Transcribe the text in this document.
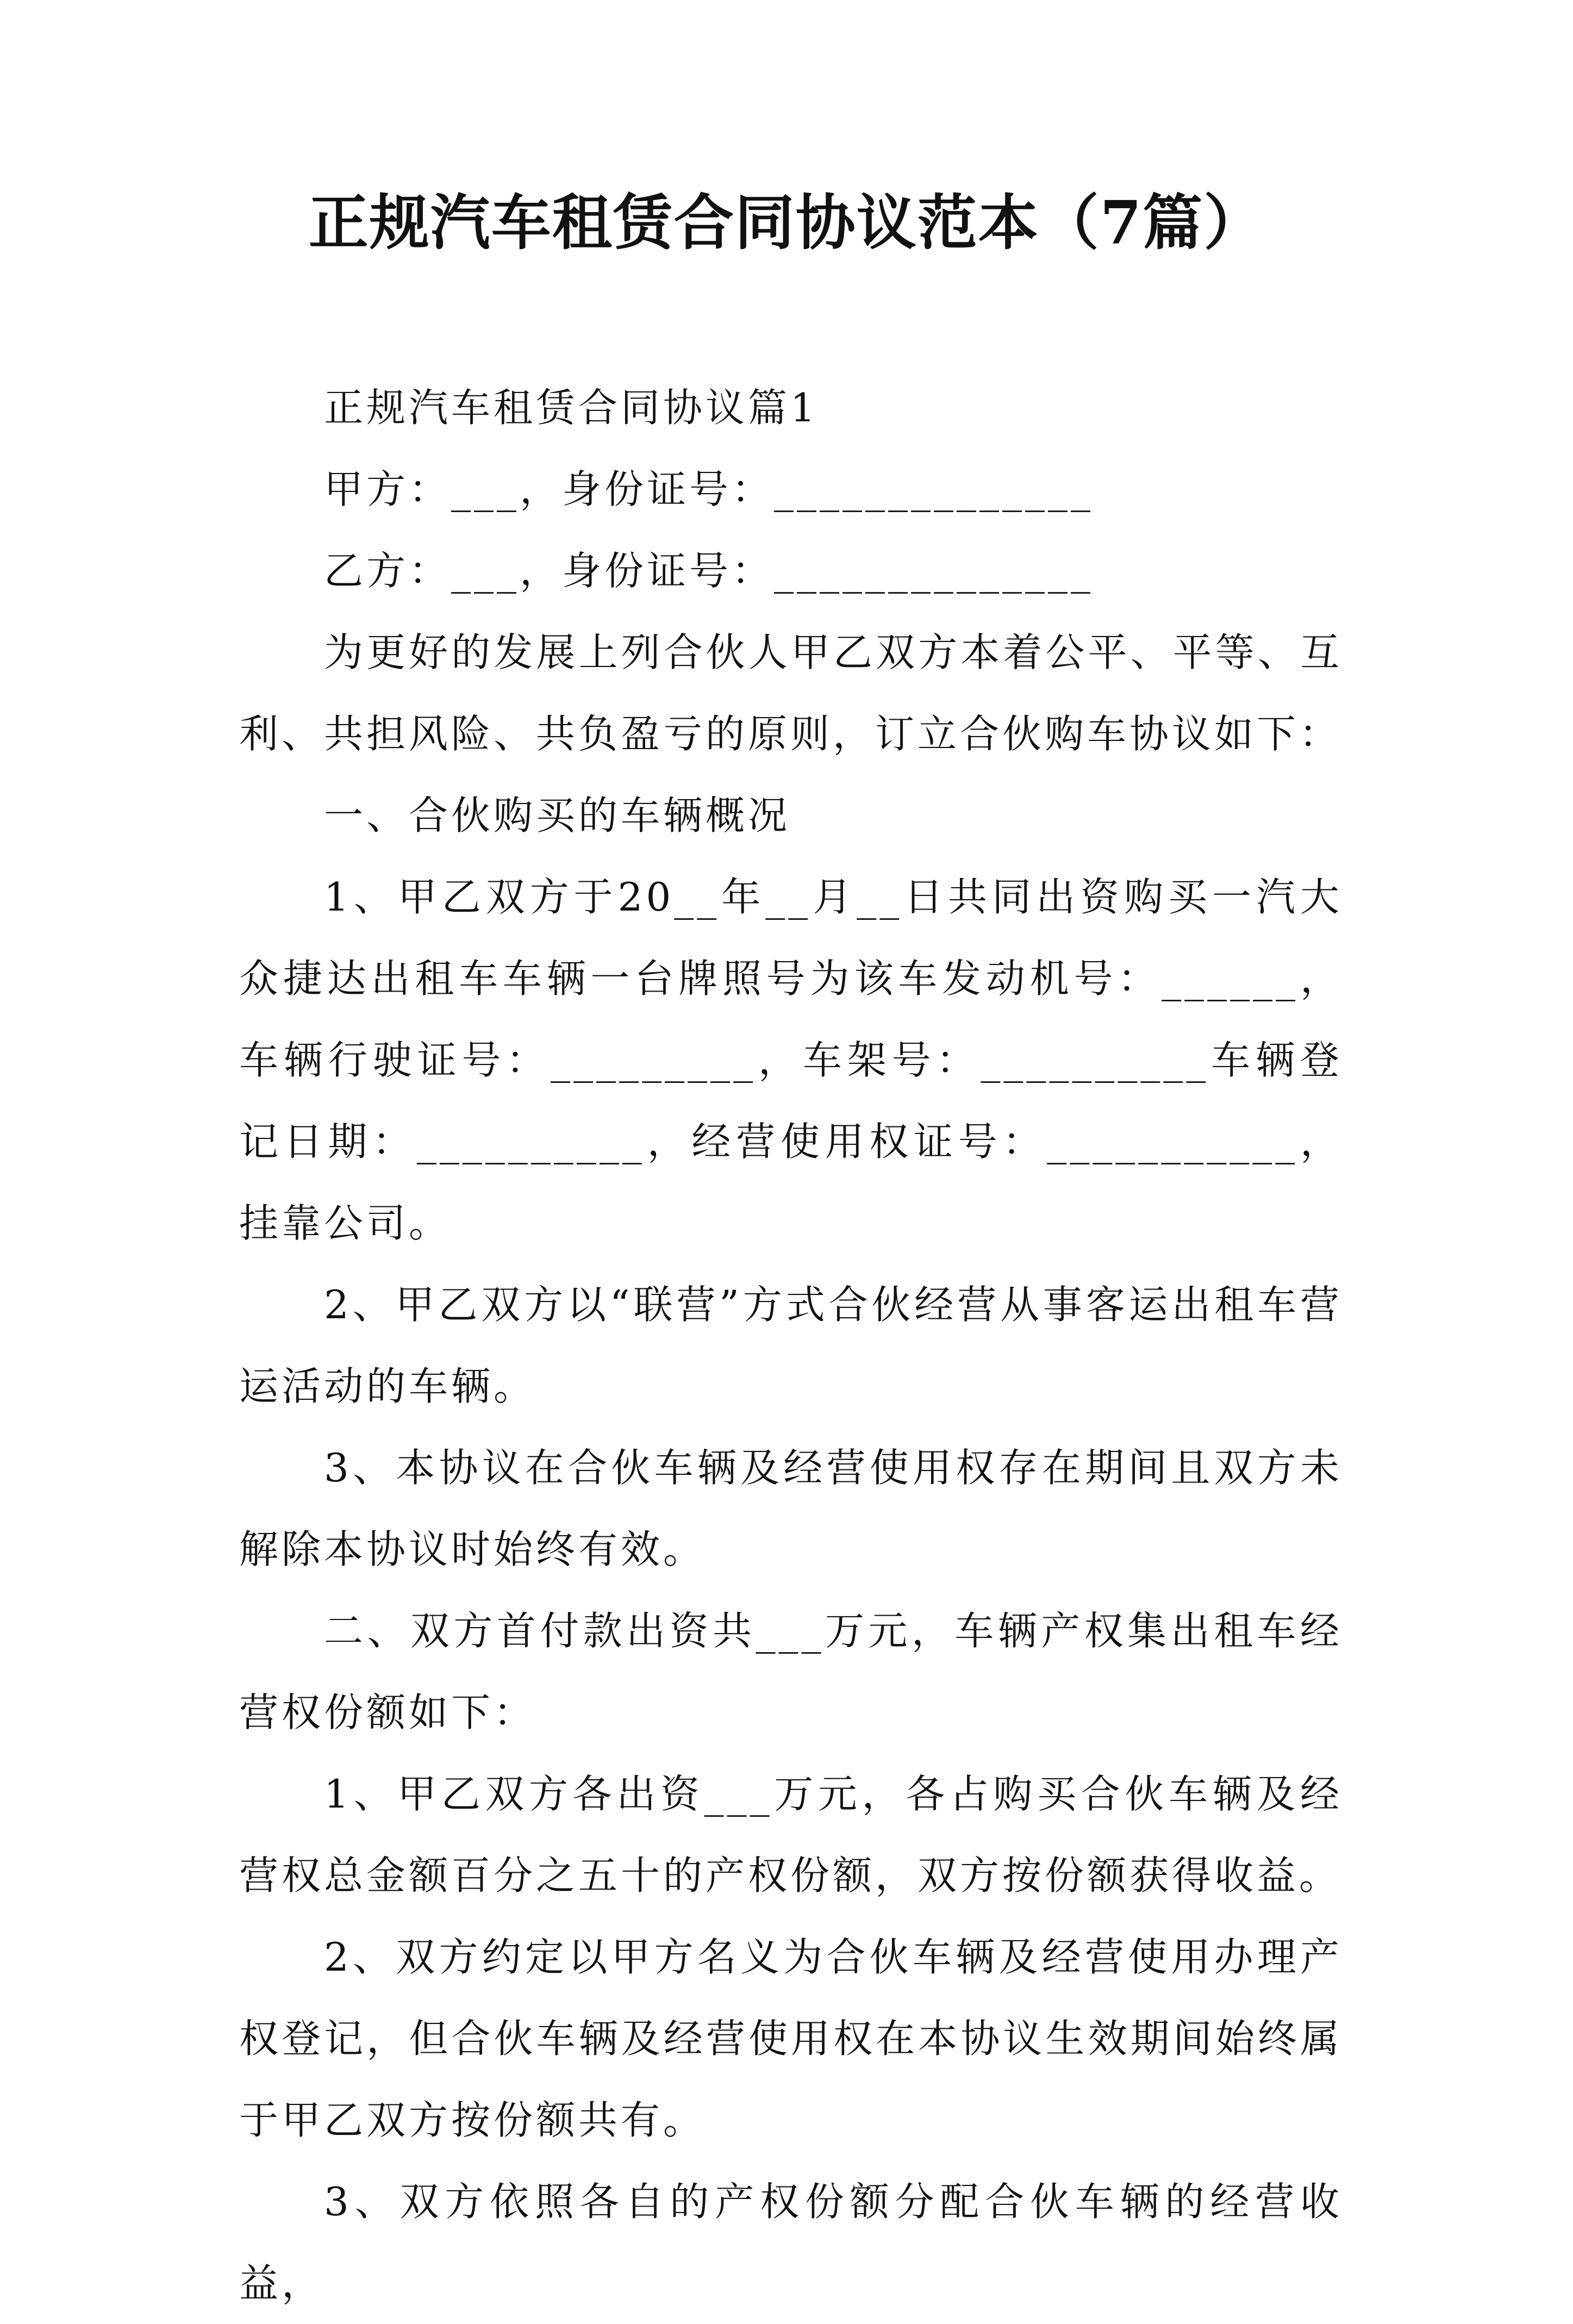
正规汽车租赁合同协议范本（7篇）

正规汽车租赁合同协议篇1

甲方：___，身份证号：______________

乙方：___，身份证号：______________

为更好的发展上列合伙人甲乙双方本着公平、平等、互利、共担风险、共负盈亏的原则，订立合伙购车协议如下：

一、合伙购买的车辆概况

1、甲乙双方于20__年__月__日共同出资购买一汽大众捷达出租车车辆一台牌照号为该车发动机号：______，车辆行驶证号：_________，车架号：__________车辆登记日期：__________，经营使用权证号：___________，挂靠公司。

2、甲乙双方以“联营”方式合伙经营从事客运出租车营运活动的车辆。

3、本协议在合伙车辆及经营使用权存在期间且双方未解除本协议时始终有效。

二、双方首付款出资共___万元，车辆产权集出租车经营权份额如下：

1、甲乙双方各出资___万元，各占购买合伙车辆及经营权总金额百分之五十的产权份额，双方按份额获得收益。

2、双方约定以甲方名义为合伙车辆及经营使用办理产权登记，但合伙车辆及经营使用权在本协议生效期间始终属于甲乙双方按份额共有。

3、双方依照各自的产权份额分配合伙车辆的经营收益，
